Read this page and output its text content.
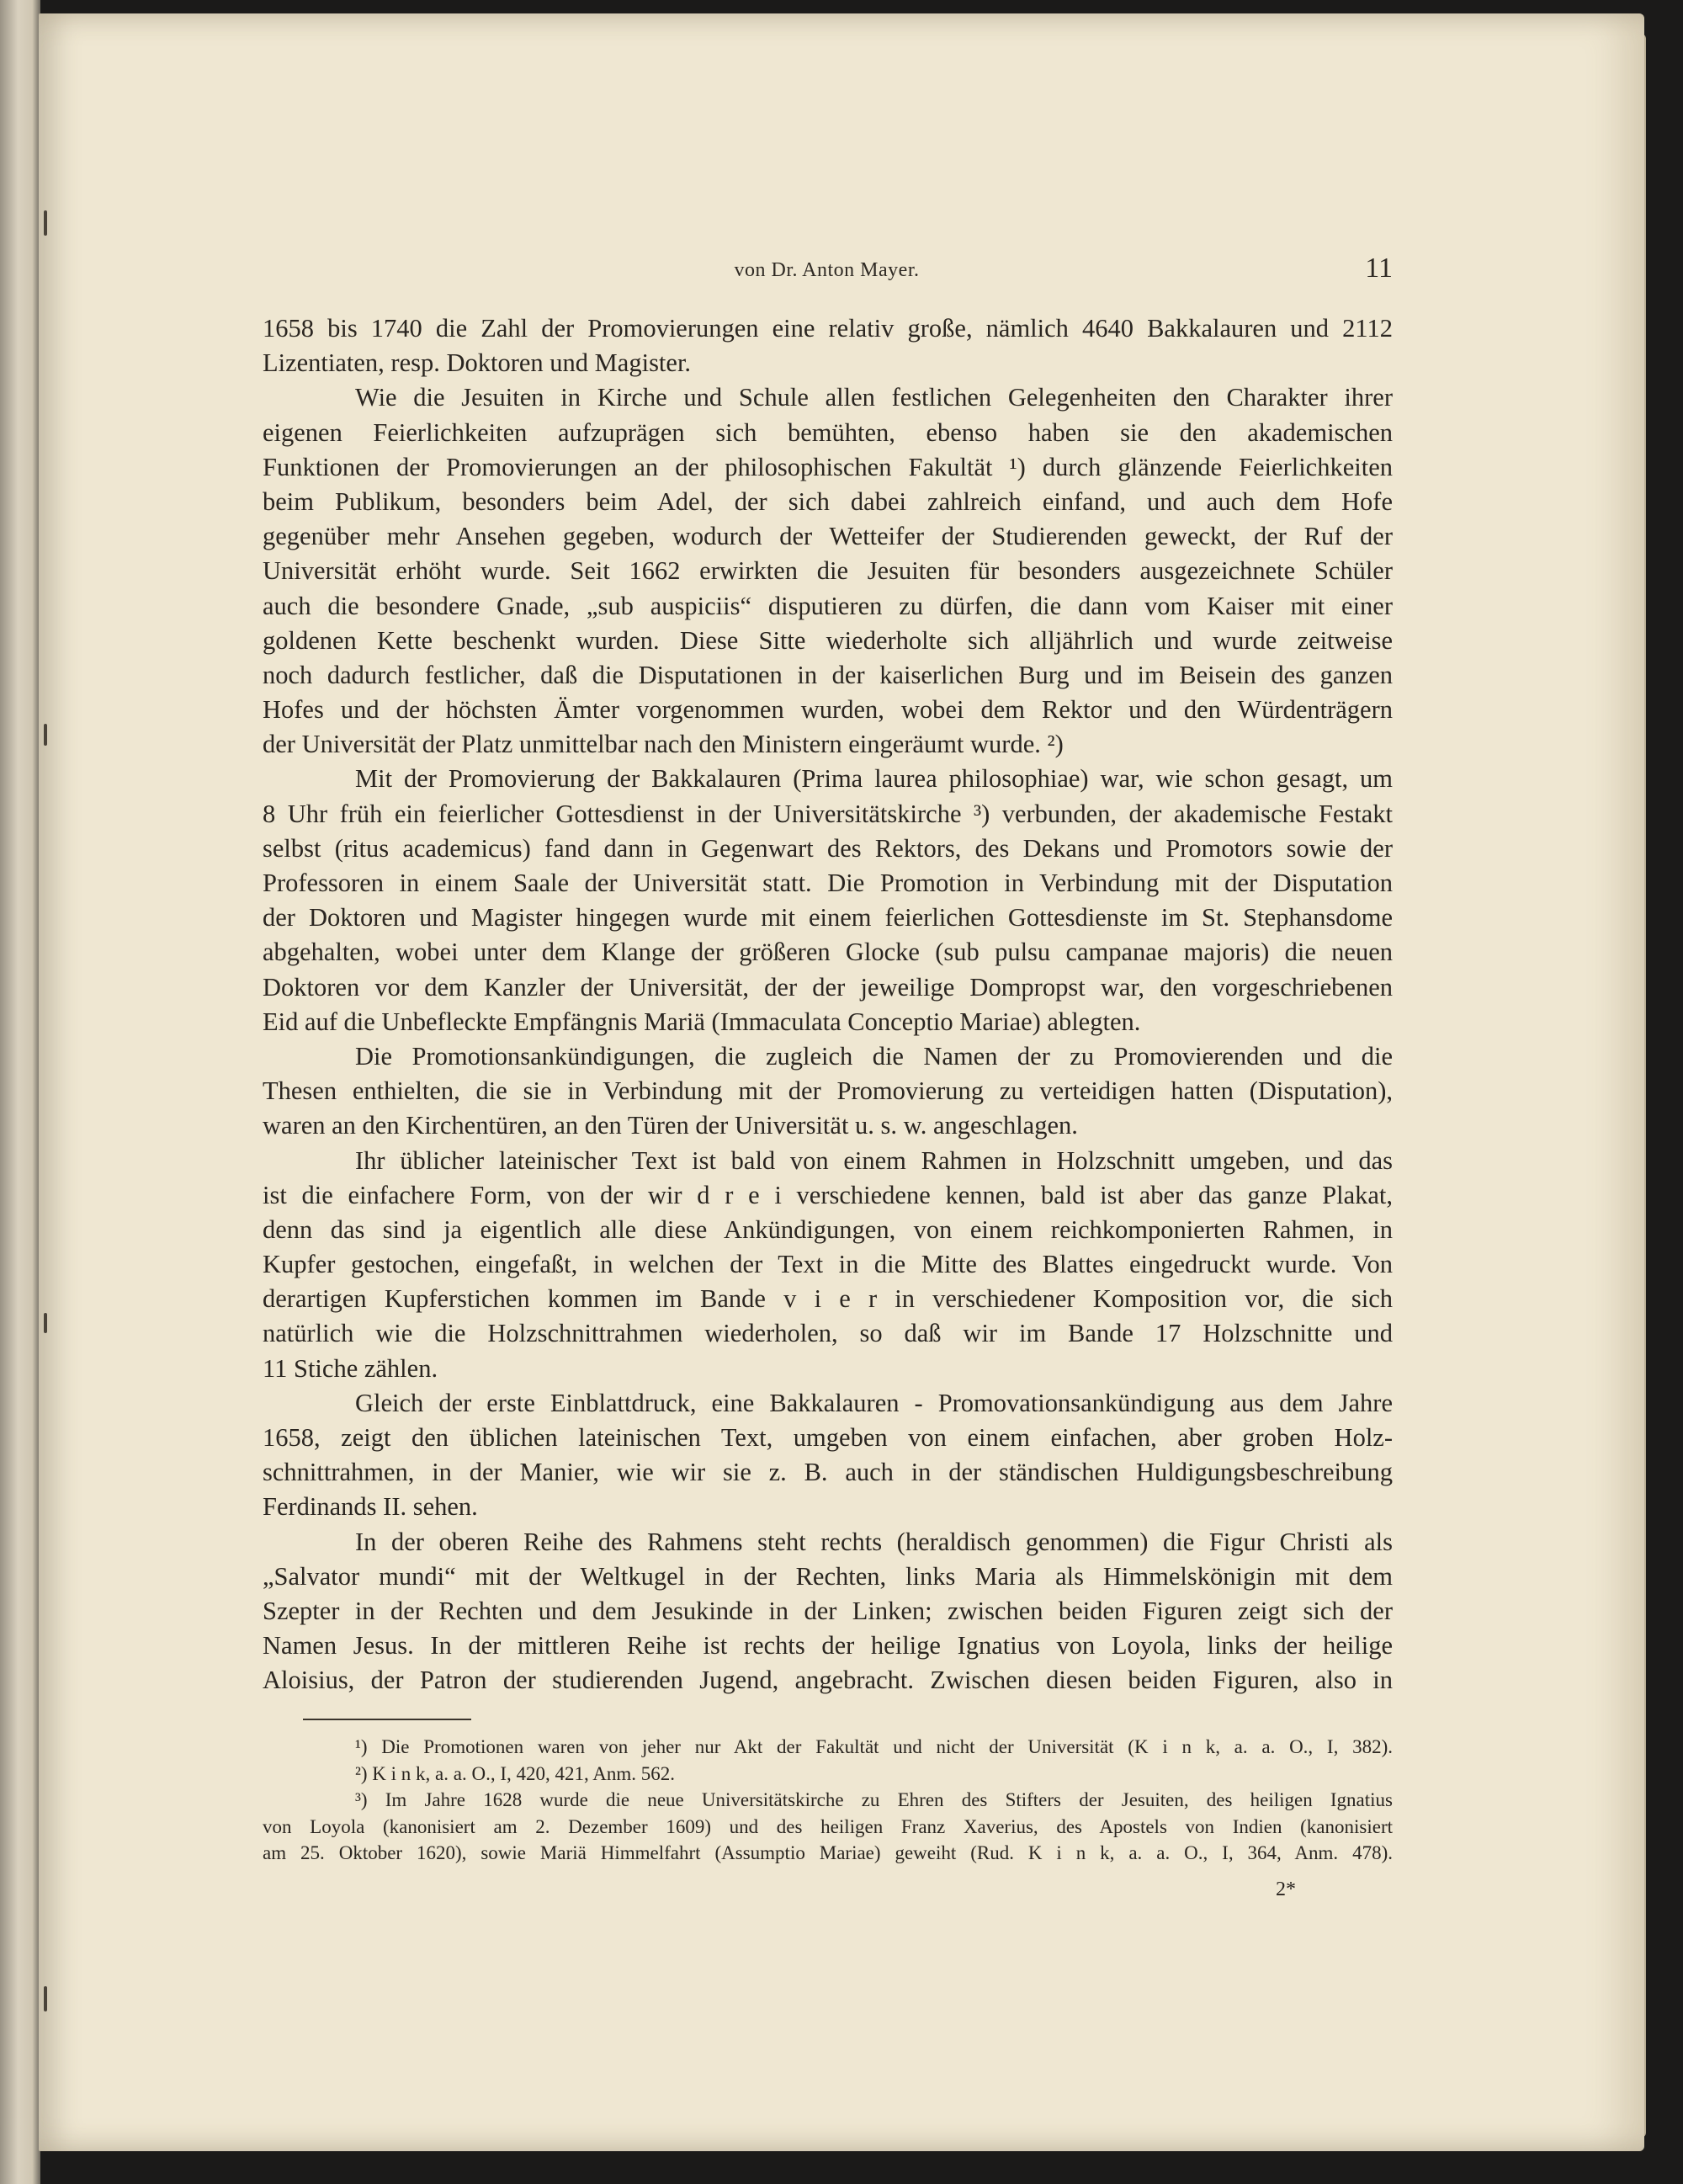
von Dr. Anton Mayer.	11
1658 bis 1740 die Zahl der Promovierungen eine relativ große, nämlich 4640 Bakkalauren und 2112
Lizentiaten, resp. Doktoren und Magister.
Wie die Jesuiten in Kirche und Schule allen festlichen Gelegenheiten den Charakter ihrer
eigenen Feierlichkeiten aufzuprägen sich bemühten, ebenso haben sie den akademischen
Funktionen der Promovierungen an der philosophischen Fakultät ¹) durch glänzende Feierlichkeiten
beim Publikum, besonders beim Adel, der sich dabei zahlreich einfand, und auch dem Hofe
gegenüber mehr Ansehen gegeben, wodurch der Wetteifer der Studierenden geweckt, der Ruf der
Universität erhöht wurde. Seit 1662 erwirkten die Jesuiten für besonders ausgezeichnete Schüler
auch die besondere Gnade, „sub auspiciis“ disputieren zu dürfen, die dann vom Kaiser mit einer
goldenen Kette beschenkt wurden. Diese Sitte wiederholte sich alljährlich und wurde zeitweise
noch dadurch festlicher, daß die Disputationen in der kaiserlichen Burg und im Beisein des ganzen
Hofes und der höchsten Ämter vorgenommen wurden, wobei dem Rektor und den Würdenträgern
der Universität der Platz unmittelbar nach den Ministern eingeräumt wurde. ²)
Mit der Promovierung der Bakkalauren (Prima laurea philosophiae) war, wie schon gesagt, um
8 Uhr früh ein feierlicher Gottesdienst in der Universitätskirche ³) verbunden, der akademische Festakt
selbst (ritus academicus) fand dann in Gegenwart des Rektors, des Dekans und Promotors sowie der
Professoren in einem Saale der Universität statt. Die Promotion in Verbindung mit der Disputation
der Doktoren und Magister hingegen wurde mit einem feierlichen Gottesdienste im St. Stephansdome
abgehalten, wobei unter dem Klange der größeren Glocke (sub pulsu campanae majoris) die neuen
Doktoren vor dem Kanzler der Universität, der der jeweilige Dompropst war, den vorgeschriebenen
Eid auf die Unbefleckte Empfängnis Mariä (Immaculata Conceptio Mariae) ablegten.
Die Promotionsankündigungen, die zugleich die Namen der zu Promovierenden und die
Thesen enthielten, die sie in Verbindung mit der Promovierung zu verteidigen hatten (Disputation),
waren an den Kirchentüren, an den Türen der Universität u. s. w. angeschlagen.
Ihr üblicher lateinischer Text ist bald von einem Rahmen in Holzschnitt umgeben, und das
ist die einfachere Form, von der wir d r e i verschiedene kennen, bald ist aber das ganze Plakat,
denn das sind ja eigentlich alle diese Ankündigungen, von einem reichkomponierten Rahmen, in
Kupfer gestochen, eingefaßt, in welchen der Text in die Mitte des Blattes eingedruckt wurde. Von
derartigen Kupferstichen kommen im Bande v i e r in verschiedener Komposition vor, die sich
natürlich wie die Holzschnittrahmen wiederholen, so daß wir im Bande 17 Holzschnitte und
11 Stiche zählen.
Gleich der erste Einblattdruck, eine Bakkalauren - Promovationsankündigung aus dem Jahre
1658, zeigt den üblichen lateinischen Text, umgeben von einem einfachen, aber groben Holz-
schnittrahmen, in der Manier, wie wir sie z. B. auch in der ständischen Huldigungsbeschreibung
Ferdinands II. sehen.
In der oberen Reihe des Rahmens steht rechts (heraldisch genommen) die Figur Christi als
„Salvator mundi“ mit der Weltkugel in der Rechten, links Maria als Himmelskönigin mit dem
Szepter in der Rechten und dem Jesukinde in der Linken; zwischen beiden Figuren zeigt sich der
Namen Jesus. In der mittleren Reihe ist rechts der heilige Ignatius von Loyola, links der heilige
Aloisius, der Patron der studierenden Jugend, angebracht. Zwischen diesen beiden Figuren, also in
¹) Die Promotionen waren von jeher nur Akt der Fakultät und nicht der Universität (K i n k, a. a. O., I, 382).
²) K i n k, a. a. O., I, 420, 421, Anm. 562.
³) Im Jahre 1628 wurde die neue Universitätskirche zu Ehren des Stifters der Jesuiten, des heiligen Ignatius
von Loyola (kanonisiert am 2. Dezember 1609) und des heiligen Franz Xaverius, des Apostels von Indien (kanonisiert
am 25. Oktober 1620), sowie Mariä Himmelfahrt (Assumptio Mariae) geweiht (Rud. K i n k, a. a. O., I, 364, Anm. 478).
2*
